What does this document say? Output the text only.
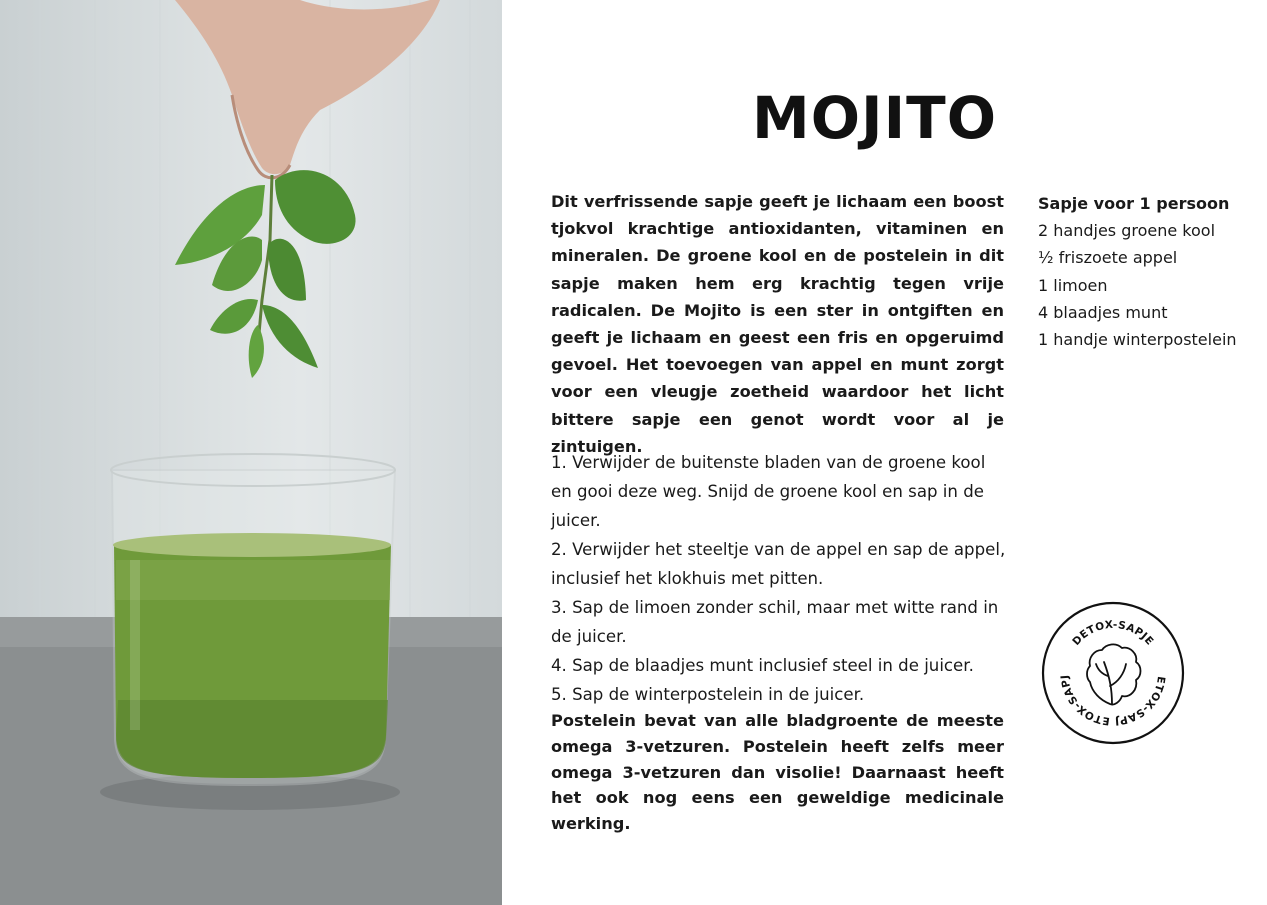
MOJITO

Dit verfrissende sapje geeft je lichaam een boost tjokvol krachtige antioxidanten, vitaminen en mineralen. De groene kool en de postelein in dit sapje maken hem erg krachtig tegen vrije radicalen. De Mojito is een ster in ontgiften en geeft je lichaam en geest een fris en opgeruimd gevoel. Het toevoegen van appel en munt zorgt voor een vleugje zoetheid waardoor het licht bittere sapje een genot wordt voor al je zintuigen.

Sapje voor 1 persoon
2 handjes groene kool
½ friszoete appel
1 limoen
4 blaadjes munt
1 handje winterpostelein

1. Verwijder de buitenste bladen van de groene kool en gooi deze weg. Snijd de groene kool en sap in de juicer.

2. Verwijder het steeltje van de appel en sap de appel, inclusief het klokhuis met pitten.

3. Sap de limoen zonder schil, maar met witte rand in de juicer.

4. Sap de blaadjes munt inclusief steel in de juicer.

5. Sap de winterpostelein in de juicer.

Postelein bevat van alle bladgroente de meeste omega 3-vetzuren. Postelein heeft zelfs meer omega 3-vetzuren dan visolie! Daarnaast heeft het ook nog eens een geweldige medicinale werking.

DETOX-SAPJE
ETOX-SAPJ	ETOX-SAPJ
